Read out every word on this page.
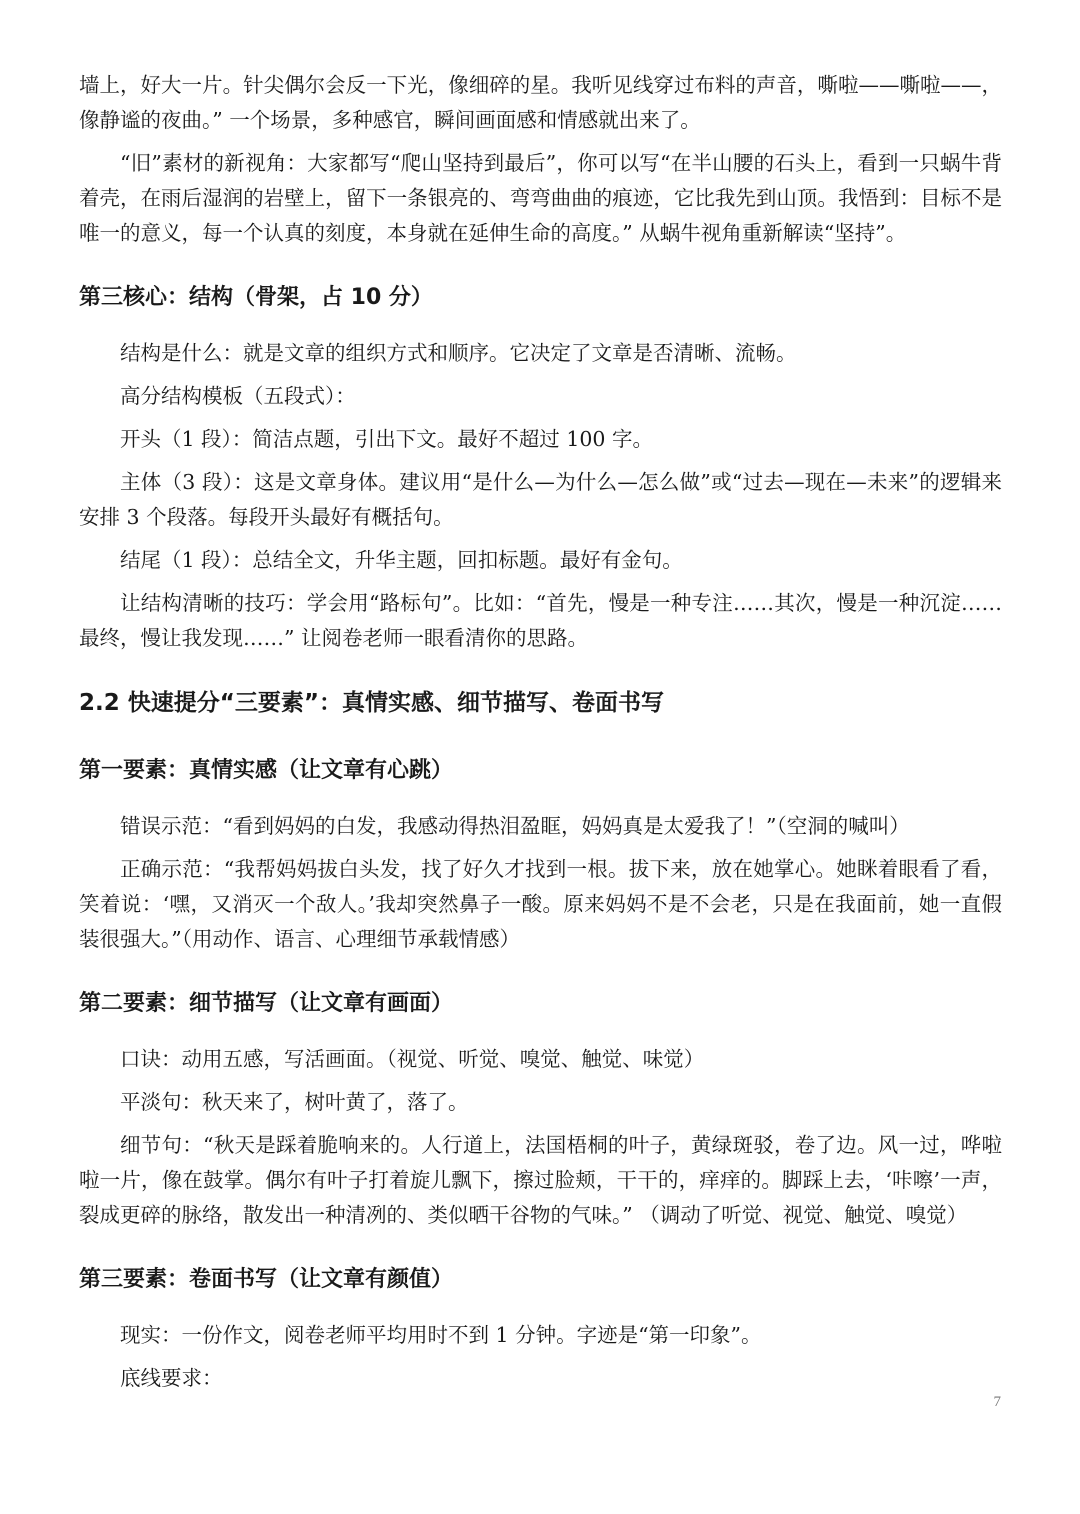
墙上，好大一片。针尖偶尔会反一下光，像细碎的星。我听见线穿过布料的声音，嘶啦——嘶啦——，像静谧的夜曲。” 一个场景，多种感官，瞬间画面感和情感就出来了。

“旧”素材的新视角：大家都写“爬山坚持到最后”，你可以写“在半山腰的石头上，看到一只蜗牛背着壳，在雨后湿润的岩壁上，留下一条银亮的、弯弯曲曲的痕迹，它比我先到山顶。我悟到：目标不是唯一的意义，每一个认真的刻度，本身就在延伸生命的高度。” 从蜗牛视角重新解读“坚持”。

第三核心：结构（骨架，占 10 分）

结构是什么：就是文章的组织方式和顺序。它决定了文章是否清晰、流畅。

高分结构模板（五段式）：

开头（1 段）：简洁点题，引出下文。最好不超过 100 字。

主体（3 段）：这是文章身体。建议用“是什么—为什么—怎么做”或“过去—现在—未来”的逻辑来安排 3 个段落。每段开头最好有概括句。

结尾（1 段）：总结全文，升华主题，回扣标题。最好有金句。

让结构清晰的技巧：学会用“路标句”。比如：“首先，慢是一种专注……其次，慢是一种沉淀……最终，慢让我发现……” 让阅卷老师一眼看清你的思路。

2.2 快速提分“三要素”：真情实感、细节描写、卷面书写
第一要素：真情实感（让文章有心跳）

错误示范：“看到妈妈的白发，我感动得热泪盈眶，妈妈真是太爱我了！”（空洞的喊叫）

正确示范：“我帮妈妈拔白头发，找了好久才找到一根。拔下来，放在她掌心。她眯着眼看了看，笑着说：‘嘿，又消灭一个敌人。’我却突然鼻子一酸。原来妈妈不是不会老，只是在我面前，她一直假装很强大。”（用动作、语言、心理细节承载情感）

第二要素：细节描写（让文章有画面）

口诀：动用五感，写活画面。（视觉、听觉、嗅觉、触觉、味觉）

平淡句：秋天来了，树叶黄了，落了。

细节句：“秋天是踩着脆响来的。人行道上，法国梧桐的叶子，黄绿斑驳，卷了边。风一过，哗啦啦一片，像在鼓掌。偶尔有叶子打着旋儿飘下，擦过脸颊，干干的，痒痒的。脚踩上去，‘咔嚓’一声，裂成更碎的脉络，散发出一种清冽的、类似晒干谷物的气味。” （调动了听觉、视觉、触觉、嗅觉）

第三要素：卷面书写（让文章有颜值）

现实：一份作文，阅卷老师平均用时不到 1 分钟。字迹是“第一印象”。

底线要求：

7
